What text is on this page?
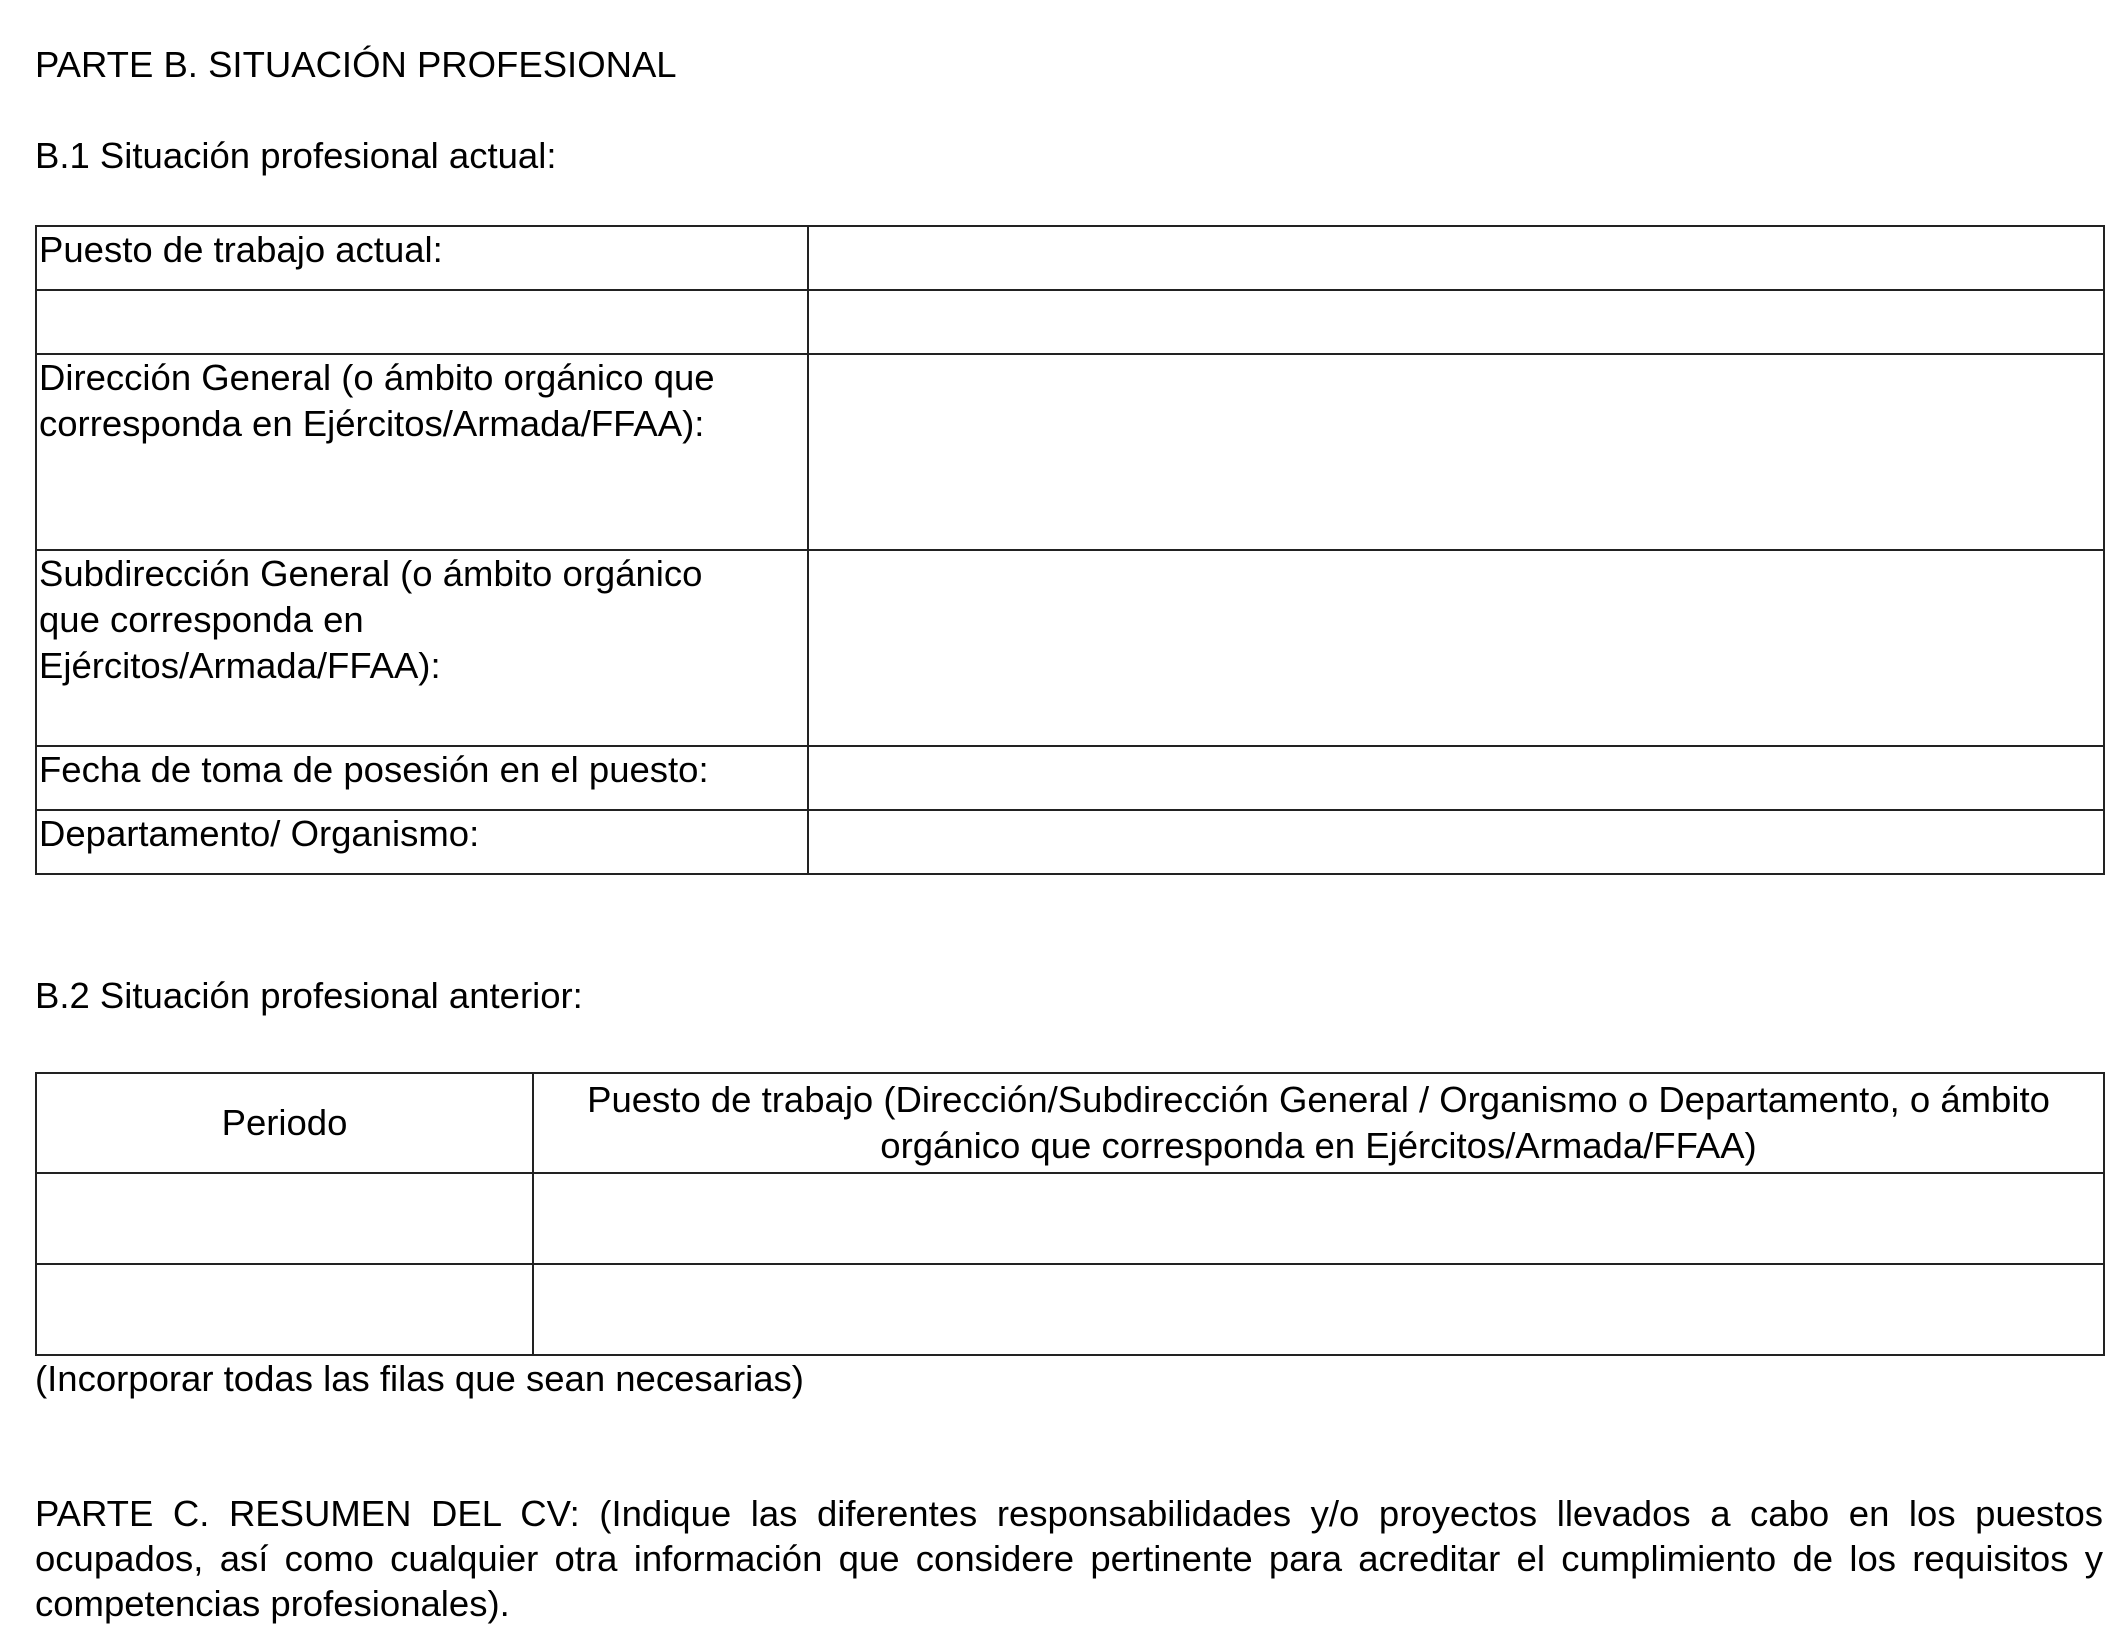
PARTE B. SITUACIÓN PROFESIONAL
B.1 Situación profesional actual:
Puesto de trabajo actual:	

Dirección General (o ámbito orgánico que
corresponda en Ejércitos/Armada/FFAA):	

Subdirección General (o ámbito orgánico
que corresponda en
Ejércitos/Armada/FFAA):	

Fecha de toma de posesión en el puesto:	

Departamento/ Organismo:	

B.2 Situación profesional anterior:
Periodo	Puesto de trabajo (Dirección/Subdirección General / Organismo o Departamento, o ámbito orgánico que corresponda en Ejércitos/Armada/FFAA)

(Incorporar todas las filas que sean necesarias)
PARTE C. RESUMEN DEL CV: (Indique las diferentes responsabilidades y/o proyectos llevados a cabo en los puestos ocupados, así como cualquier otra información que considere pertinente para acreditar el cumplimiento de los requisitos y competencias profesionales).
